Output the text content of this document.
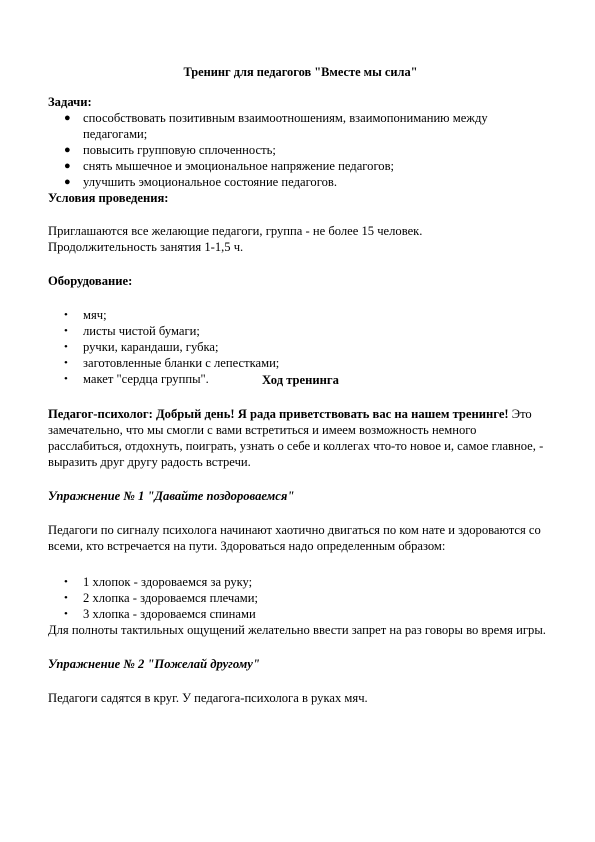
Тренинг для педагогов "Вместе мы сила"

Задачи:

● способствовать позитивным взаимоотношениям, взаимопониманию между педагогами;
● повысить групповую сплоченность;
● снять мышечное и эмоциональное напряжение педагогов;
● улучшить эмоциональное состояние педагогов.

Условия проведения:

Приглашаются все желающие педагоги, группа - не более 15 человек.

Продолжительность занятия 1-1,5 ч.

Оборудование:

• мяч;
• листы чистой бумаги;
• ручки, карандаши, губка;
• заготовленные бланки с лепестками;
• макет "сердца группы".	Ход тренинга

Педагог-психолог: Добрый день! Я рада приветствовать вас на нашем тренинге! Это замечательно, что мы смогли с вами встретиться и имеем возможность немного расслабиться, отдохнуть, поиграть, узнать о себе и коллегах что-то новое и, самое главное, - выразить друг другу радость встречи.

Упражнение № 1 "Давайте поздороваемся"

Педагоги по сигналу психолога начинают хаотично двигаться по ком нате и здороваются со всеми, кто встречается на пути. Здороваться надо определенным образом:

• 1 хлопок - здороваемся за руку;
• 2 хлопка - здороваемся плечами;
• 3 хлопка - здороваемся спинами

Для полноты тактильных ощущений желательно ввести запрет на раз говоры во время игры.

Упражнение № 2 "Пожелай другому"

Педагоги садятся в круг. У педагога-психолога в руках мяч.
